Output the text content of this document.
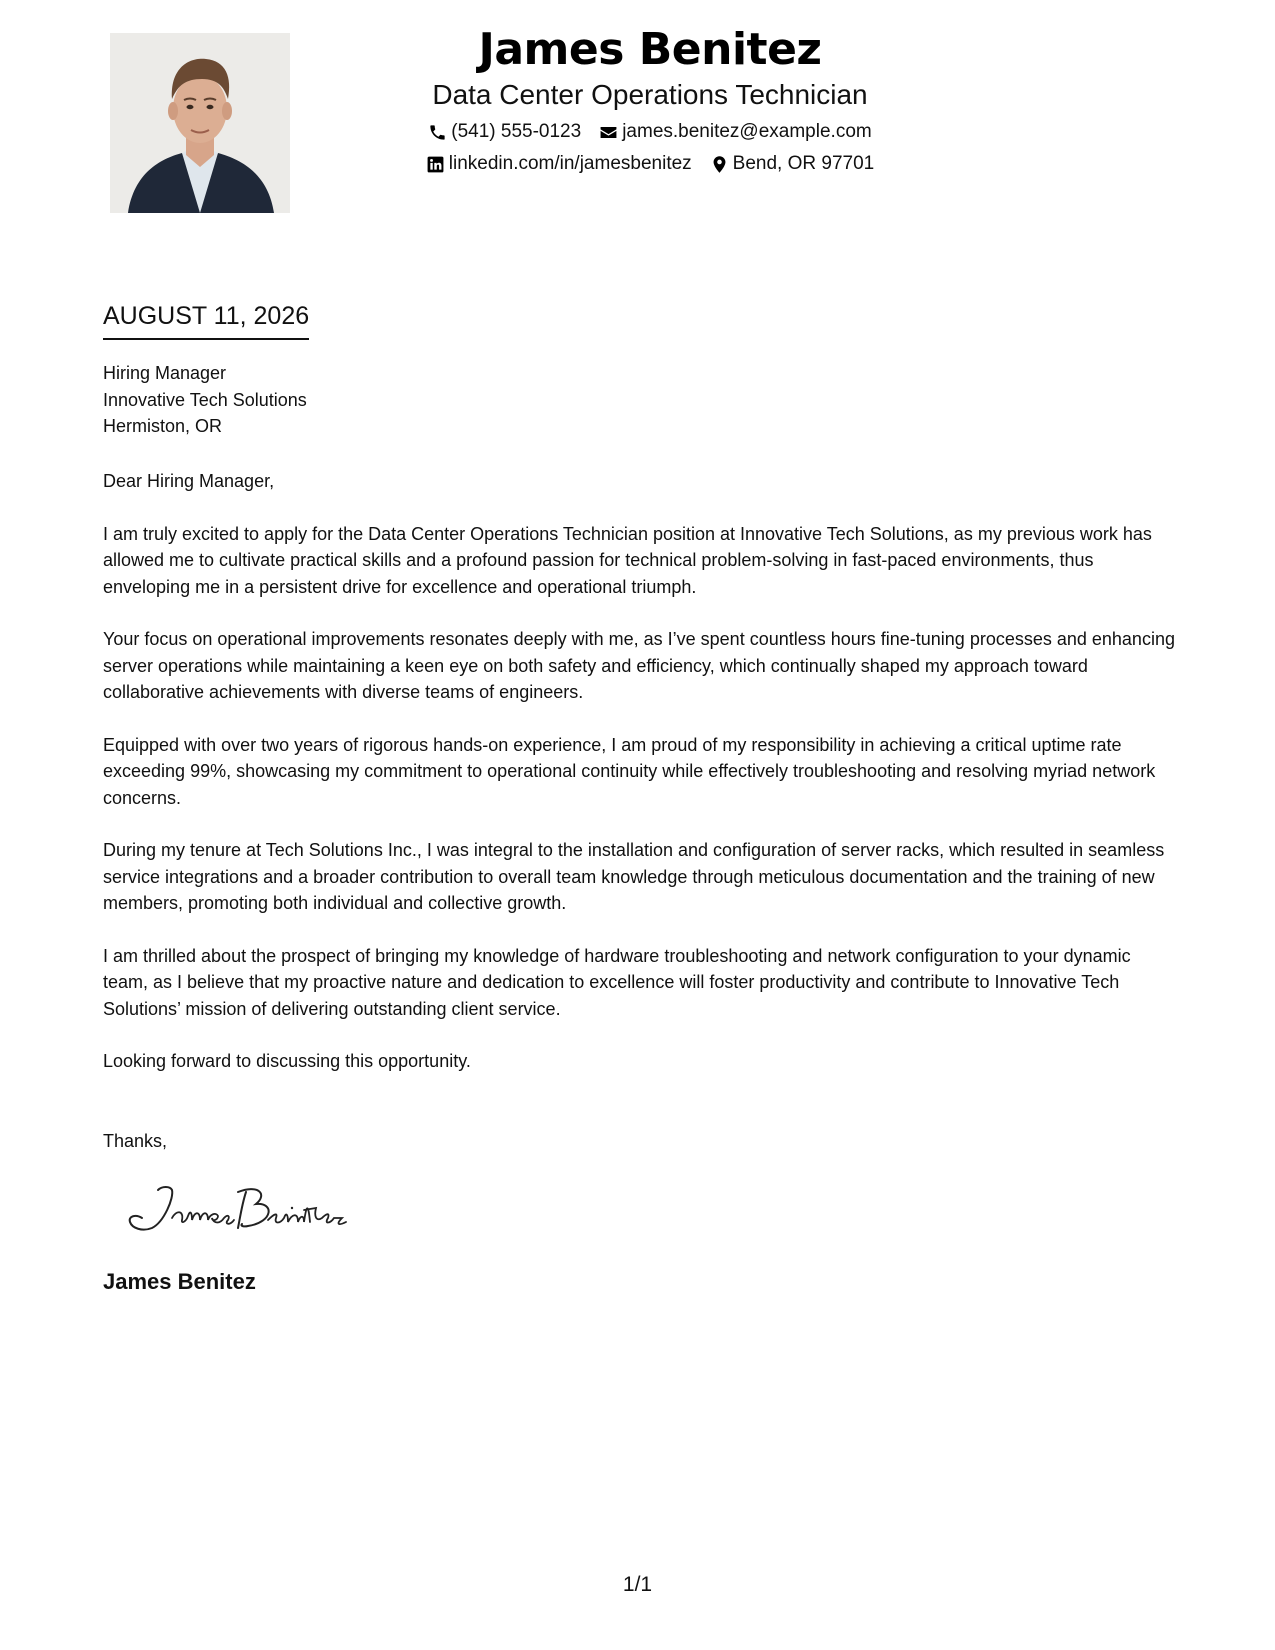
James Benitez
Data Center Operations Technician
(541) 555-0123 james.benitez@example.com
linkedin.com/in/jamesbenitez Bend, OR 97701
AUGUST 11, 2026
Hiring Manager
Innovative Tech Solutions
Hermiston, OR

Dear Hiring Manager,

I am truly excited to apply for the Data Center Operations Technician position at Innovative Tech Solutions, as my previous work has allowed me to cultivate practical skills and a profound passion for technical problem-solving in fast-paced environments, thus enveloping me in a persistent drive for excellence and operational triumph.

Your focus on operational improvements resonates deeply with me, as I’ve spent countless hours fine-tuning processes and enhancing server operations while maintaining a keen eye on both safety and efficiency, which continually shaped my approach toward collaborative achievements with diverse teams of engineers.

Equipped with over two years of rigorous hands-on experience, I am proud of my responsibility in achieving a critical uptime rate exceeding 99%, showcasing my commitment to operational continuity while effectively troubleshooting and resolving myriad network concerns.

During my tenure at Tech Solutions Inc., I was integral to the installation and configuration of server racks, which resulted in seamless service integrations and a broader contribution to overall team knowledge through meticulous documentation and the training of new members, promoting both individual and collective growth.

I am thrilled about the prospect of bringing my knowledge of hardware troubleshooting and network configuration to your dynamic team, as I believe that my proactive nature and dedication to excellence will foster productivity and contribute to Innovative Tech Solutions’ mission of delivering outstanding client service.

Looking forward to discussing this opportunity.

Thanks,
James Benitez
1/1
